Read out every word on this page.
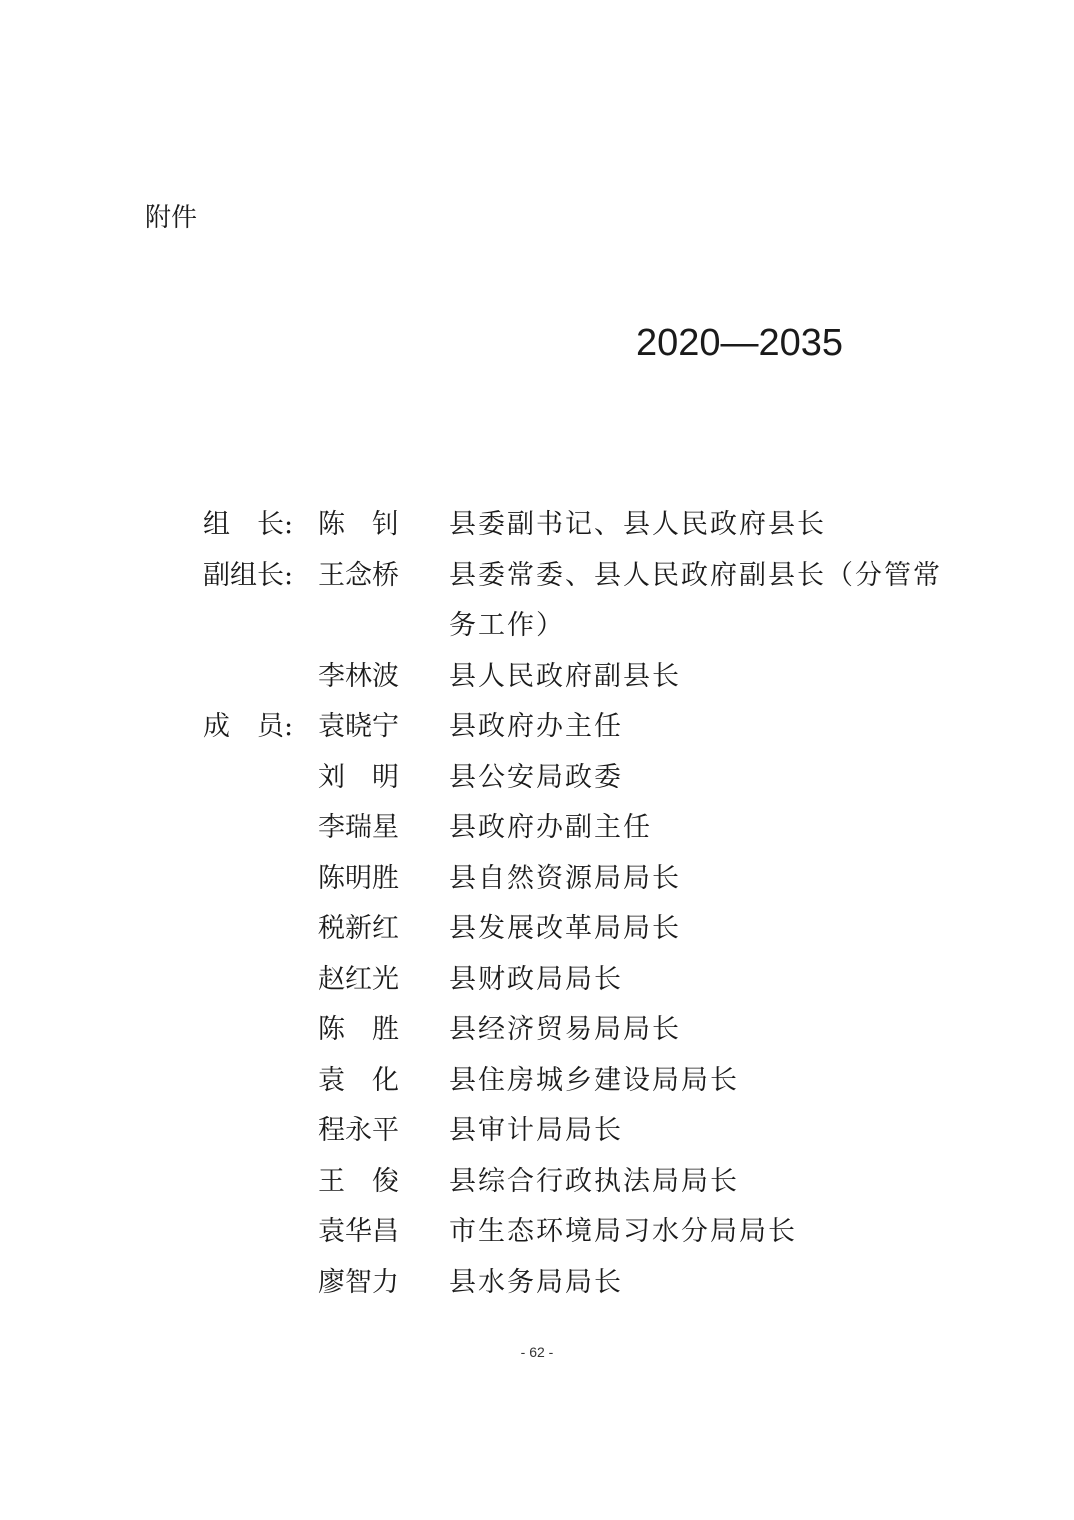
附件
2020—2035
组　长: 陈　钊 县委副书记、县人民政府县长
副组长: 王念桥 县委常委、县人民政府副县长（分管常务工作）
李林波 县人民政府副县长
成　员: 袁晓宁 县政府办主任
刘　明 县公安局政委
李瑞星 县政府办副主任
陈明胜 县自然资源局局长
税新红 县发展改革局局长
赵红光 县财政局局长
陈　胜 县经济贸易局局长
袁　化 县住房城乡建设局局长
程永平 县审计局局长
王　俊 县综合行政执法局局长
袁华昌 市生态环境局习水分局局长
廖智力 县水务局局长
- 62 -
